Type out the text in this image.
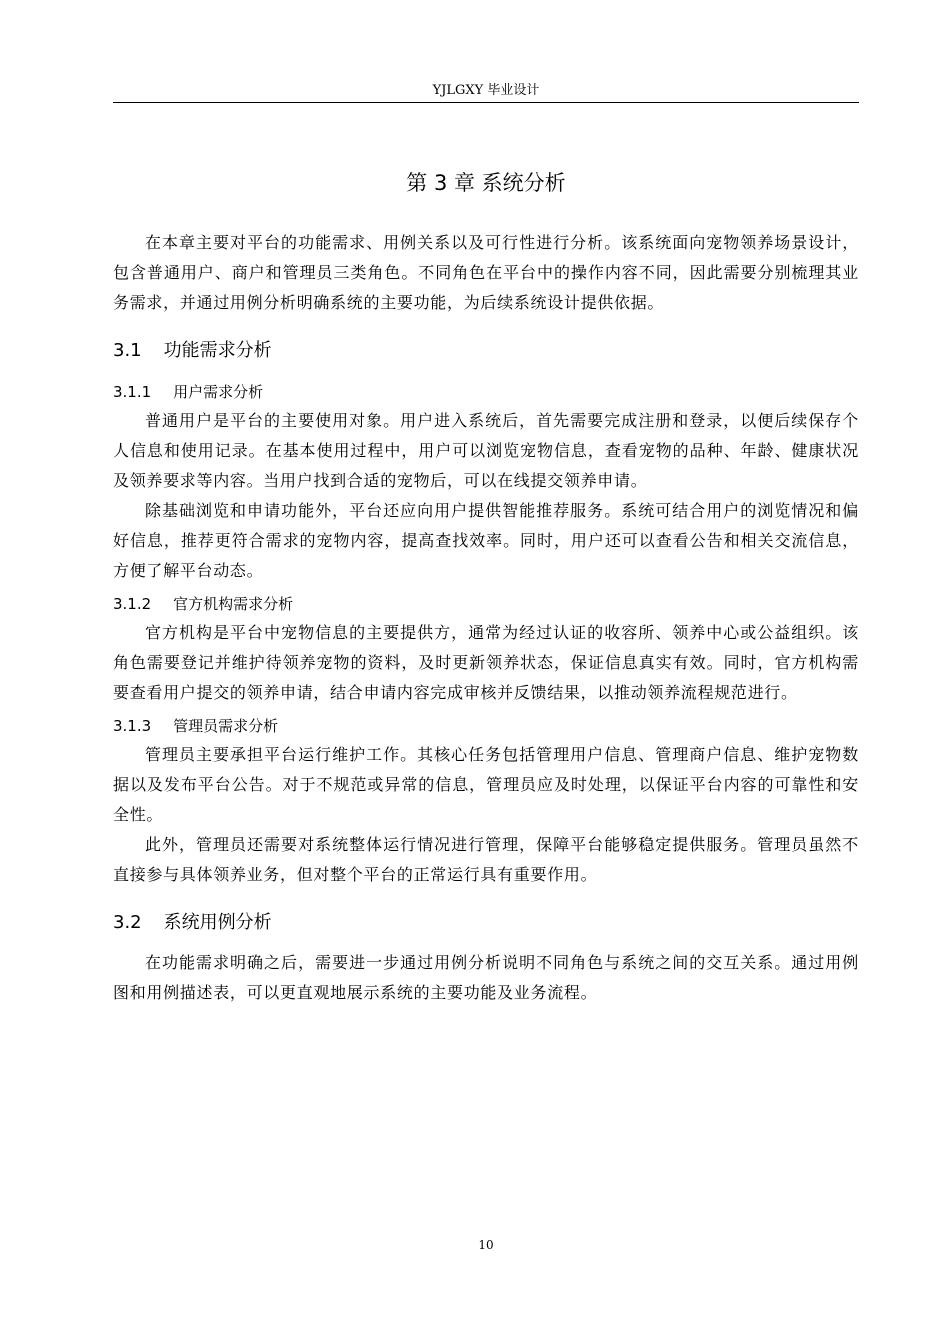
YJLGXY 毕业设计
第 3 章 系统分析

在本章主要对平台的功能需求、用例关系以及可行性进行分析。该系统面向宠物领养场景设计，包含普通用户、商户和管理员三类角色。不同角色在平台中的操作内容不同，因此需要分别梳理其业务需求，并通过用例分析明确系统的主要功能，为后续系统设计提供依据。

3.1 功能需求分析
3.1.1 用户需求分析

普通用户是平台的主要使用对象。用户进入系统后，首先需要完成注册和登录，以便后续保存个人信息和使用记录。在基本使用过程中，用户可以浏览宠物信息，查看宠物的品种、年龄、健康状况及领养要求等内容。当用户找到合适的宠物后，可以在线提交领养申请。

除基础浏览和申请功能外，平台还应向用户提供智能推荐服务。系统可结合用户的浏览情况和偏好信息，推荐更符合需求的宠物内容，提高查找效率。同时，用户还可以查看公告和相关交流信息，方便了解平台动态。

3.1.2 官方机构需求分析

官方机构是平台中宠物信息的主要提供方，通常为经过认证的收容所、领养中心或公益组织。该角色需要登记并维护待领养宠物的资料，及时更新领养状态，保证信息真实有效。同时，官方机构需要查看用户提交的领养申请，结合申请内容完成审核并反馈结果，以推动领养流程规范进行。

3.1.3 管理员需求分析

管理员主要承担平台运行维护工作。其核心任务包括管理用户信息、管理商户信息、维护宠物数据以及发布平台公告。对于不规范或异常的信息，管理员应及时处理，以保证平台内容的可靠性和安全性。

此外，管理员还需要对系统整体运行情况进行管理，保障平台能够稳定提供服务。管理员虽然不直接参与具体领养业务，但对整个平台的正常运行具有重要作用。

3.2 系统用例分析

在功能需求明确之后，需要进一步通过用例分析说明不同角色与系统之间的交互关系。通过用例图和用例描述表，可以更直观地展示系统的主要功能及业务流程。

10
